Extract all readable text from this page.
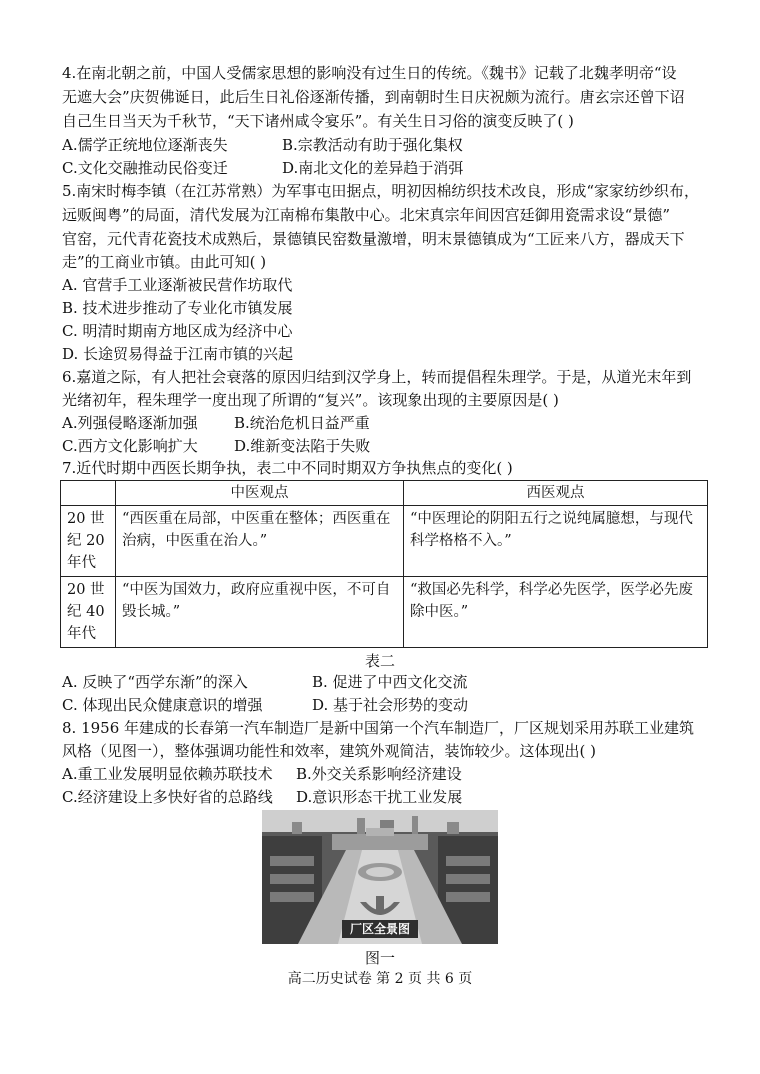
4.在南北朝之前，中国人受儒家思想的影响没有过生日的传统。《魏书》记载了北魏孝明帝“设
无遮大会”庆贺佛诞日，此后生日礼俗逐渐传播，到南朝时生日庆祝颇为流行。唐玄宗还曾下诏
自己生日当天为千秋节，“天下诸州咸令宴乐”。有关生日习俗的演变反映了( )
A.儒学正统地位逐渐丧失	B.宗教活动有助于强化集权
C.文化交融推动民俗变迁	D.南北文化的差异趋于消弭
5.南宋时梅李镇（在江苏常熟）为军事屯田据点，明初因棉纺织技术改良，形成“家家纺纱织布，
远贩闽粤”的局面，清代发展为江南棉布集散中心。北宋真宗年间因宫廷御用瓷需求设“景德”
官窑，元代青花瓷技术成熟后，景德镇民窑数量激增，明末景德镇成为“工匠来八方，器成天下
走”的工商业市镇。由此可知( )
A. 官营手工业逐渐被民营作坊取代
B. 技术进步推动了专业化市镇发展
C. 明清时期南方地区成为经济中心
D. 长途贸易得益于江南市镇的兴起
6.嘉道之际，有人把社会衰落的原因归结到汉学身上，转而提倡程朱理学。于是，从道光末年到
光绪初年，程朱理学一度出现了所谓的“复兴”。该现象出现的主要原因是( )
A.列强侵略逐渐加强 B.统治危机日益严重
C.西方文化影响扩大 D.维新变法陷于失败
7.近代时期中西医长期争执，表二中不同时期双方争执焦点的变化( )
	中医观点	西医观点
20 世纪 20 年代	“西医重在局部，中医重在整体；西医重在治病，中医重在治人。”	“中医理论的阴阳五行之说纯属臆想，与现代科学格格不入。”
20 世纪 40 年代	“中医为国效力，政府应重视中医，不可自毁长城。”	“救国必先科学，科学必先医学，医学必先废除中医。”
表二
A. 反映了“西学东渐”的深入	B. 促进了中西文化交流
C. 体现出民众健康意识的增强	D. 基于社会形势的变动
8. 1956 年建成的长春第一汽车制造厂是新中国第一个汽车制造厂，厂区规划采用苏联工业建筑
风格（见图一），整体强调功能性和效率，建筑外观简洁，装饰较少。这体现出( )
A.重工业发展明显依赖苏联技术 B.外交关系影响经济建设
C.经济建设上多快好省的总路线 D.意识形态干扰工业发展
厂区全景图
图一
高二历史试卷 第 2 页 共 6 页
